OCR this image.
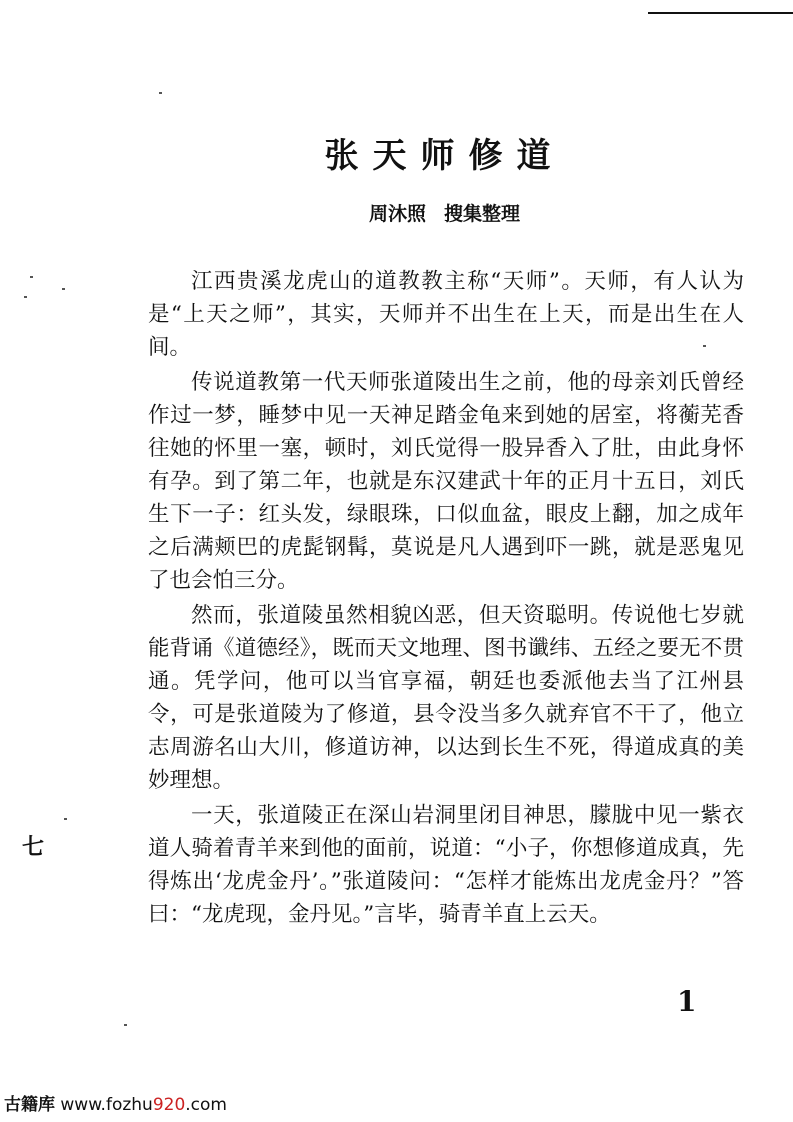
张天师修道
周沐照 搜集整理

江西贵溪龙虎山的道教教主称“天师”。天师，有人认为是“上天之师”，其实，天师并不出生在上天，而是出生在人间。

传说道教第一代天师张道陵出生之前，他的母亲刘氏曾经作过一梦，睡梦中见一天神足踏金龟来到她的居室，将蘅芜香往她的怀里一塞，顿时，刘氏觉得一股异香入了肚，由此身怀有孕。到了第二年，也就是东汉建武十年的正月十五日，刘氏生下一子：红头发，绿眼珠，口似血盆，眼皮上翻，加之成年之后满颊巴的虎髭钢髯，莫说是凡人遇到吓一跳，就是恶鬼见了也会怕三分。

然而，张道陵虽然相貌凶恶，但天资聪明。传说他七岁就能背诵《道德经》，既而天文地理、图书谶纬、五经之要无不贯通。凭学问，他可以当官享福，朝廷也委派他去当了江州县令，可是张道陵为了修道，县令没当多久就弃官不干了，他立志周游名山大川，修道访神，以达到长生不死，得道成真的美妙理想。

一天，张道陵正在深山岩洞里闭目神思，朦胧中见一紫衣道人骑着青羊来到他的面前，说道：“小子，你想修道成真，先得炼出‘龙虎金丹’。”张道陵问：“怎样才能炼出龙虎金丹？”答曰：“龙虎现，金丹见。”言毕，骑青羊直上云天。

七
1
古籍库 www.fozhu920.com
